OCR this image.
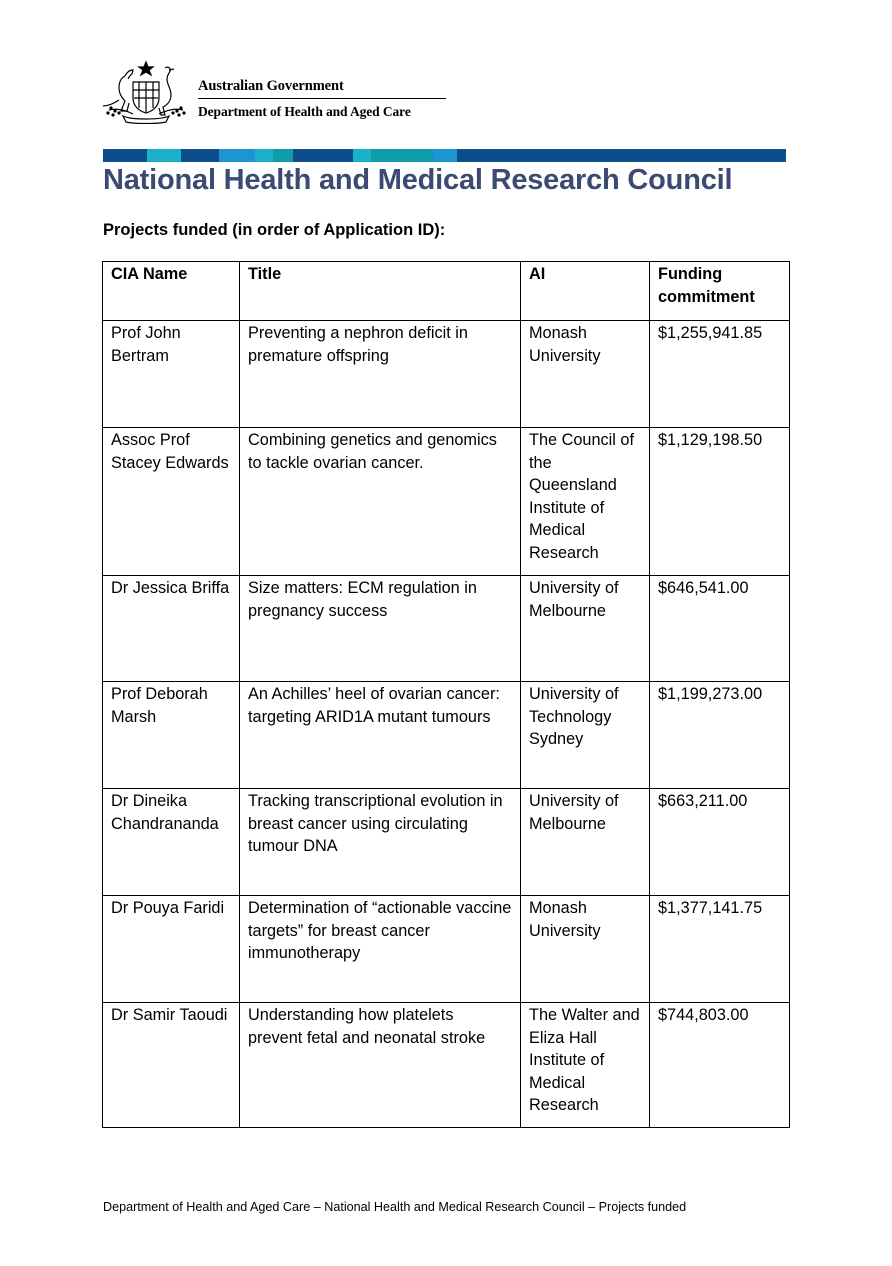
Australian Government
Department of Health and Aged Care
National Health and Medical Research Council
Projects funded (in order of Application ID):
CIA Name	Title	AI	Funding commitment
Prof John Bertram	Preventing a nephron deficit in premature offspring	Monash University	$1,255,941.85
Assoc Prof Stacey Edwards	Combining genetics and genomics to tackle ovarian cancer.	The Council of the Queensland Institute of Medical Research	$1,129,198.50
Dr Jessica Briffa	Size matters: ECM regulation in pregnancy success	University of Melbourne	$646,541.00
Prof Deborah Marsh	An Achilles’ heel of ovarian cancer: targeting ARID1A mutant tumours	University of Technology Sydney	$1,199,273.00
Dr Dineika Chandrananda	Tracking transcriptional evolution in breast cancer using circulating tumour DNA	University of Melbourne	$663,211.00
Dr Pouya Faridi	Determination of “actionable vaccine targets” for breast cancer immunotherapy	Monash University	$1,377,141.75
Dr Samir Taoudi	Understanding how platelets prevent fetal and neonatal stroke	The Walter and Eliza Hall Institute of Medical Research	$744,803.00
Department of Health and Aged Care – National Health and Medical Research Council – Projects funded
